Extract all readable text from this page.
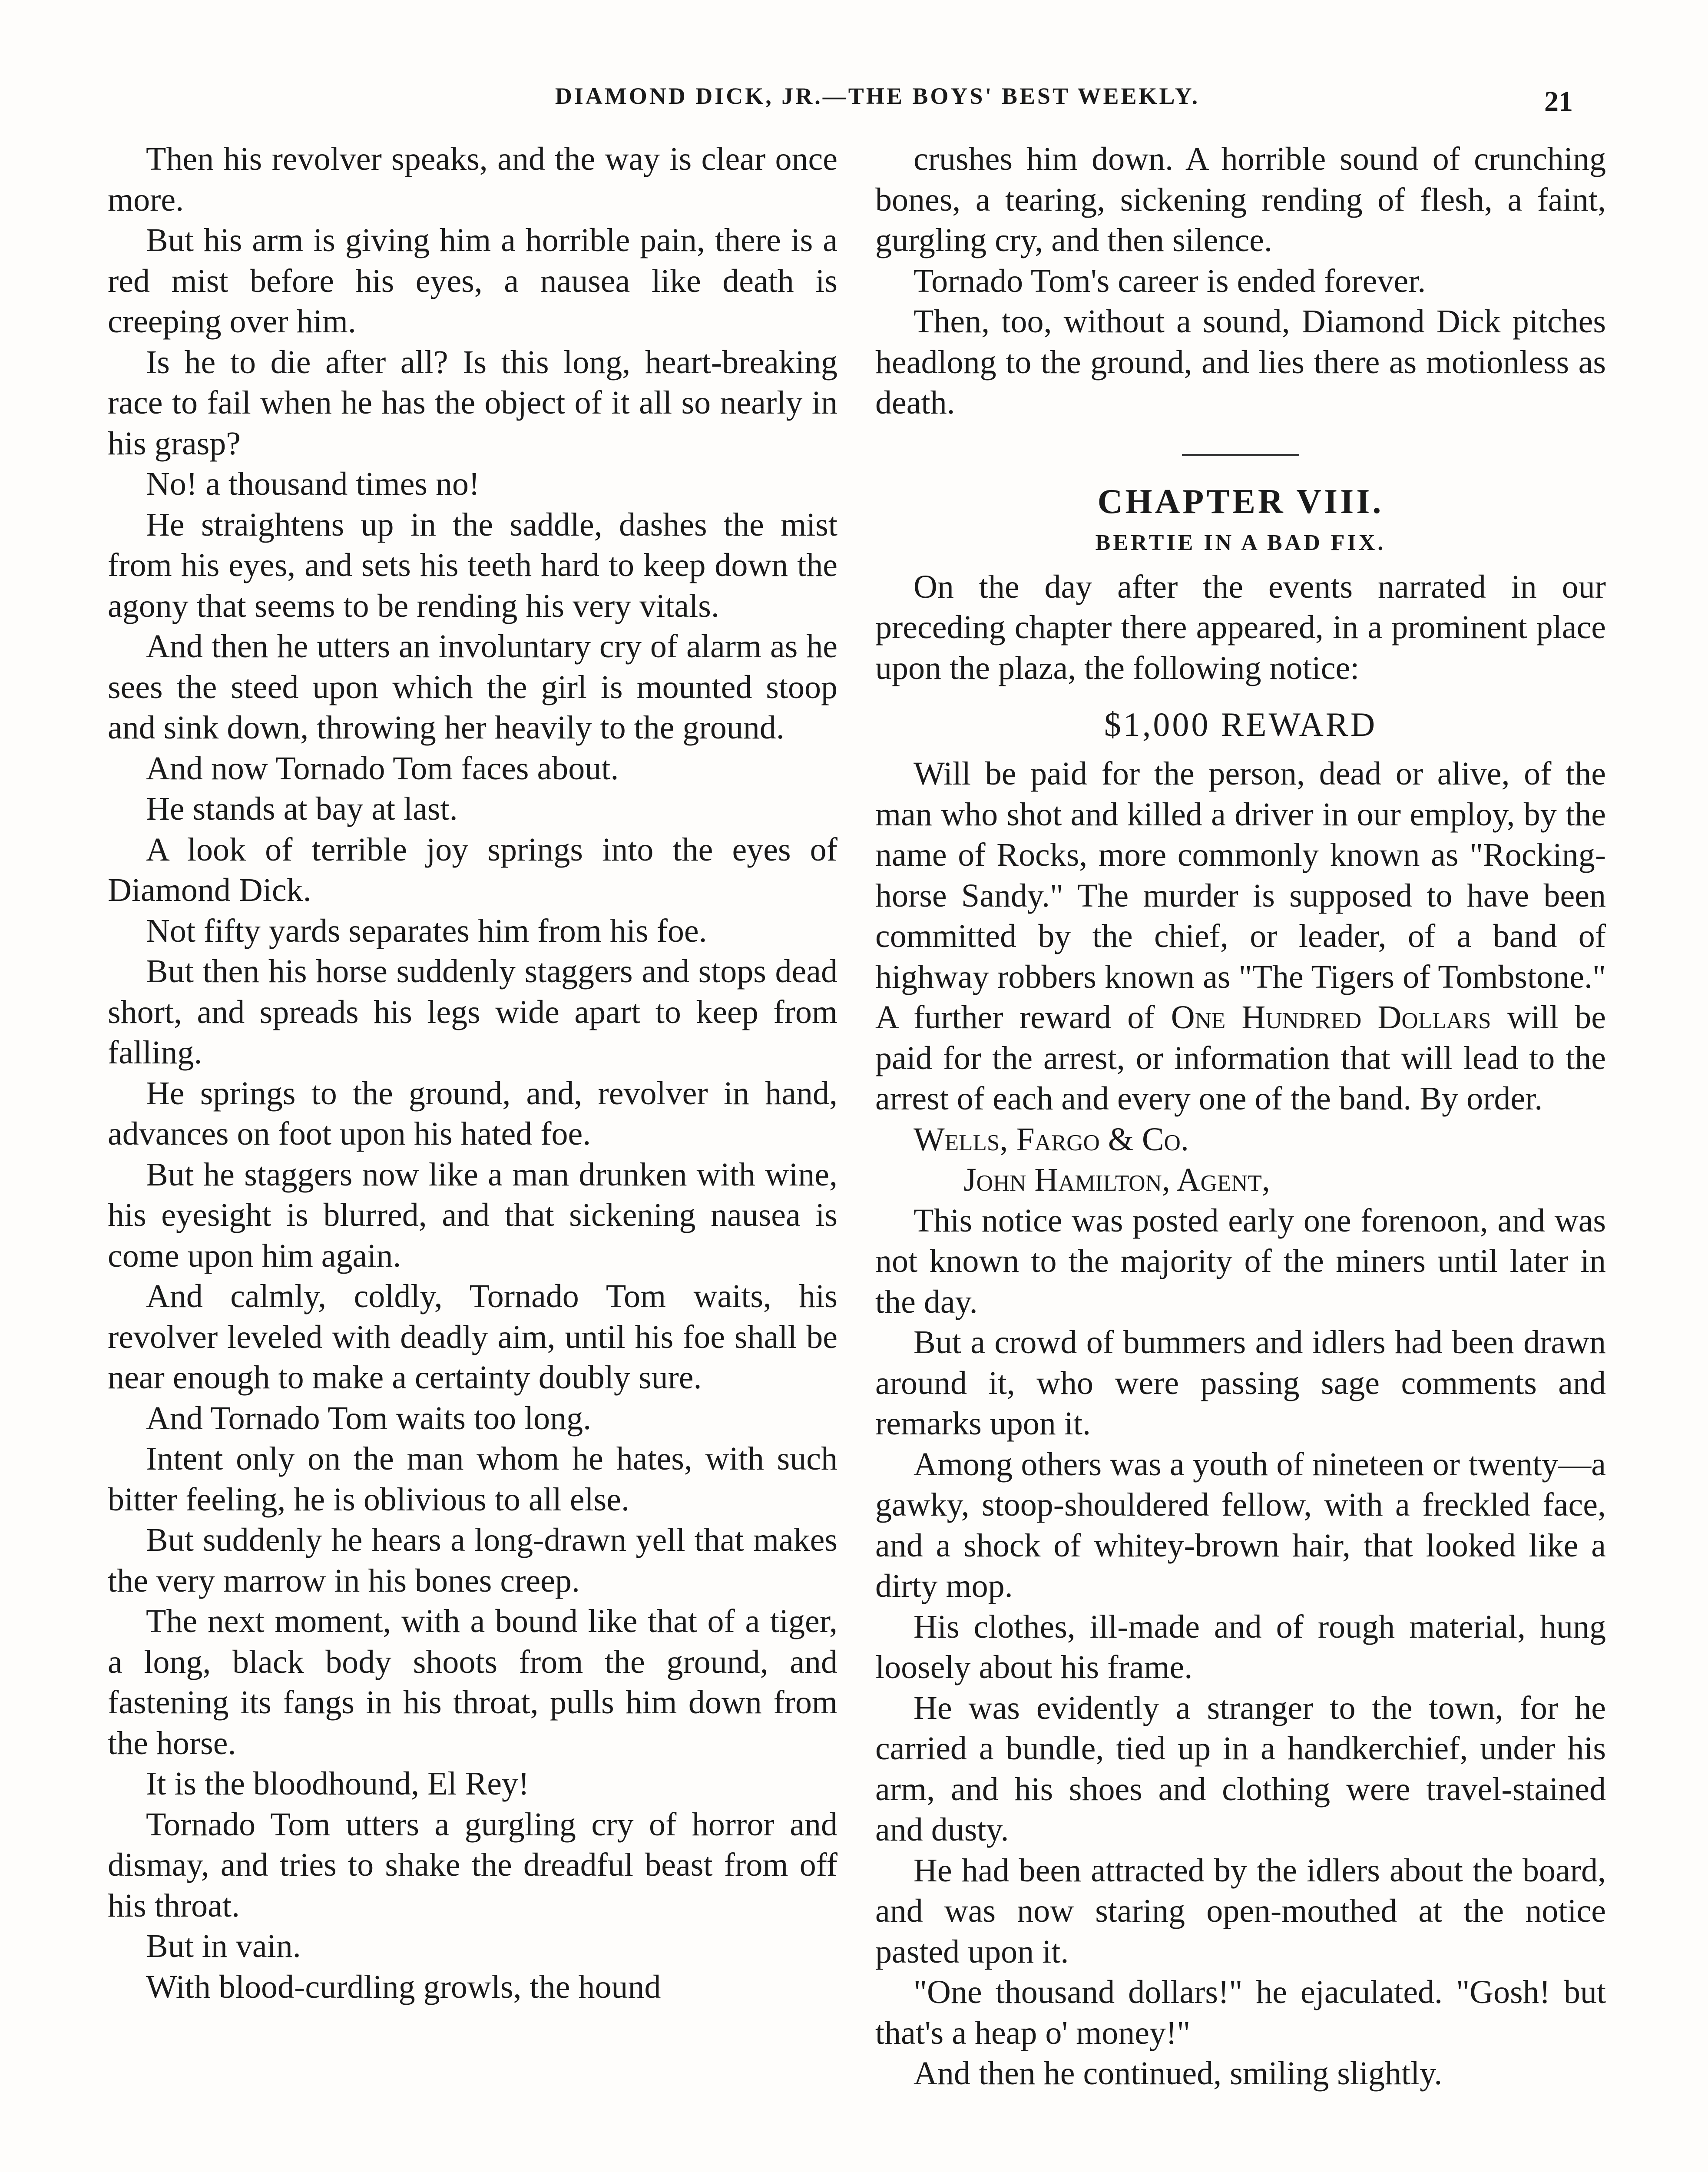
DIAMOND DICK, JR.—THE BOYS' BEST WEEKLY.	21

Then his revolver speaks, and the way is clear once more.

But his arm is giving him a horrible pain, there is a red mist before his eyes, a nausea like death is creeping over him.

Is he to die after all? Is this long, heart-breaking race to fail when he has the object of it all so nearly in his grasp?

No! a thousand times no!

He straightens up in the saddle, dashes the mist from his eyes, and sets his teeth hard to keep down the agony that seems to be rending his very vitals.

And then he utters an involuntary cry of alarm as he sees the steed upon which the girl is mounted stoop and sink down, throwing her heavily to the ground.

And now Tornado Tom faces about.

He stands at bay at last.

A look of terrible joy springs into the eyes of Diamond Dick.

Not fifty yards separates him from his foe.

But then his horse suddenly staggers and stops dead short, and spreads his legs wide apart to keep from falling.

He springs to the ground, and, revolver in hand, advances on foot upon his hated foe.

But he staggers now like a man drunken with wine, his eyesight is blurred, and that sickening nausea is come upon him again.

And calmly, coldly, Tornado Tom waits, his revolver leveled with deadly aim, until his foe shall be near enough to make a certainty doubly sure.

And Tornado Tom waits too long.

Intent only on the man whom he hates, with such bitter feeling, he is oblivious to all else.

But suddenly he hears a long-drawn yell that makes the very marrow in his bones creep.

The next moment, with a bound like that of a tiger, a long, black body shoots from the ground, and fastening its fangs in his throat, pulls him down from the horse.

It is the bloodhound, El Rey!

Tornado Tom utters a gurgling cry of horror and dismay, and tries to shake the dreadful beast from off his throat.

But in vain.

With blood-curdling growls, the hound

crushes him down. A horrible sound of crunching bones, a tearing, sickening rending of flesh, a faint, gurgling cry, and then silence.

Tornado Tom's career is ended forever.

Then, too, without a sound, Diamond Dick pitches headlong to the ground, and lies there as motionless as death.

CHAPTER VIII.
BERTIE IN A BAD FIX.

On the day after the events narrated in our preceding chapter there appeared, in a prominent place upon the plaza, the following notice:

$1,000 REWARD

Will be paid for the person, dead or alive, of the man who shot and killed a driver in our employ, by the name of Rocks, more commonly known as "Rocking-horse Sandy." The murder is supposed to have been committed by the chief, or leader, of a band of highway robbers known as "The Tigers of Tombstone." A further reward of One Hundred Dollars will be paid for the arrest, or information that will lead to the arrest of each and every one of the band. By order.

Wells, Fargo & Co.

John Hamilton, Agent,

This notice was posted early one forenoon, and was not known to the majority of the miners until later in the day.

But a crowd of bummers and idlers had been drawn around it, who were passing sage comments and remarks upon it.

Among others was a youth of nineteen or twenty—a gawky, stoop-shouldered fellow, with a freckled face, and a shock of whitey-brown hair, that looked like a dirty mop.

His clothes, ill-made and of rough material, hung loosely about his frame.

He was evidently a stranger to the town, for he carried a bundle, tied up in a handkerchief, under his arm, and his shoes and clothing were travel-stained and dusty.

He had been attracted by the idlers about the board, and was now staring open-mouthed at the notice pasted upon it.

"One thousand dollars!" he ejaculated. "Gosh! but that's a heap o' money!"

And then he continued, smiling slightly.
